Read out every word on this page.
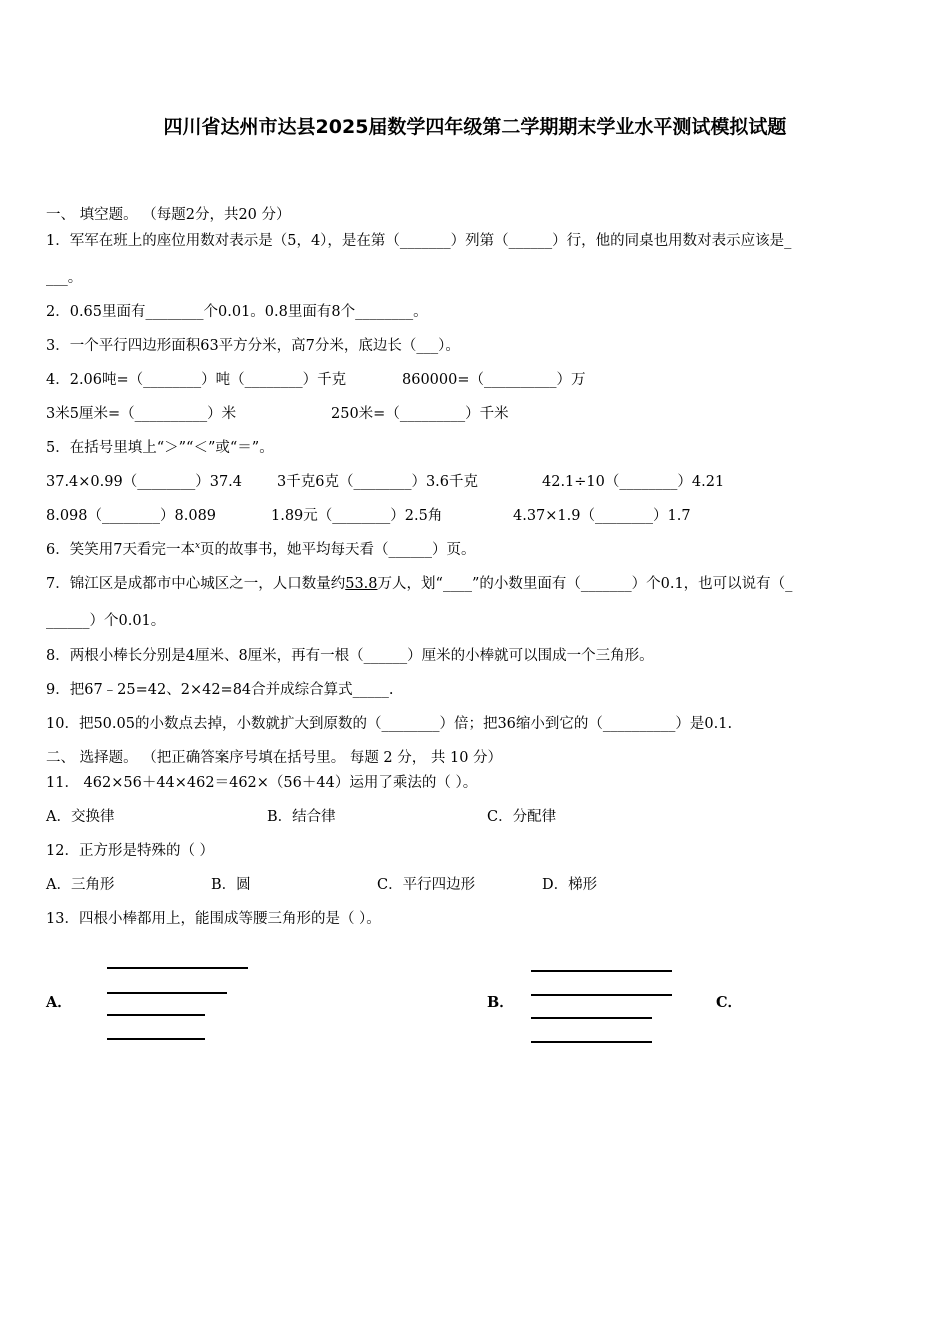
四川省达州市达县2025届数学四年级第二学期期末学业水平测试模拟试题
一、 填空题。 （每题2分，共20 分）
1．军军在班上的座位用数对表示是（5，4），是在第（_______）列第（______）行，他的同桌也用数对表示应该是_
___。
2．0.65里面有________个0.01。0.8里面有8个________。
3．一个平行四边形面积63平方分米，高7分米，底边长（___）。
4．2.06吨=（________）吨（________）千克	860000=（__________）万
3米5厘米=（__________）米	250米=（_________）千米
5．在括号里填上“＞”“＜”或“＝”。
37.4×0.99（________）37.4 3千克6克（________）3.6千克	42.1÷10（________）4.21
8.098（________）8.089	1.89元（________）2.5角	4.37×1.9（________）1.7
6．笑笑用7天看完一本$^x$页的故事书，她平均每天看（______）页。
7．锦江区是成都市中心城区之一，人口数量约53.8万人，划“____”的小数里面有（_______）个0.1，也可以说有（_
______）个0.01。
8．两根小棒长分别是4厘米、8厘米，再有一根（______）厘米的小棒就可以围成一个三角形。
9．把67﹣25=42、2×42=84合并成综合算式_____.
10．把50.05的小数点去掉，小数就扩大到原数的（________）倍；把36缩小到它的（__________）是0.1.
二、 选择题。 （把正确答案序号填在括号里。 每题 2 分， 共 10 分）
11． 462×56＋44×462＝462×（56＋44）运用了乘法的（ ）。
A．交换律	B．结合律	C．分配律
12．正方形是特殊的（ ）
A．三角形	B．圆	C．平行四边形	D．梯形
13．四根小棒都用上，能围成等腰三角形的是（ ）。
A．	B．	C．
